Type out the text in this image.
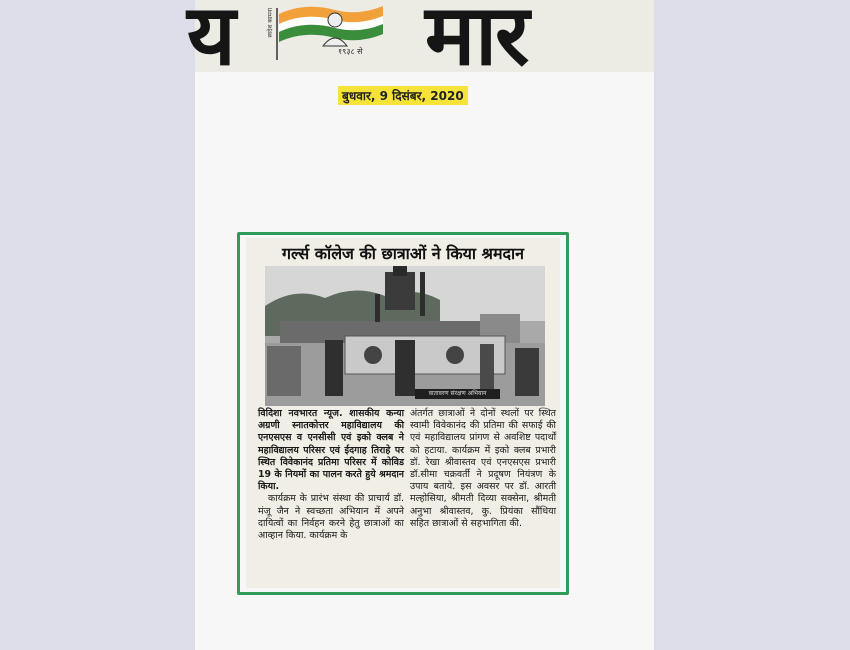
य मार
स्वदेश कामना
१९३८ से
बुधवार, 9 दिसंबर, 2020
गर्ल्स कॉलेज की छात्राओं ने किया श्रमदान
वातावरण संरक्षण अभियान

विदिशा नवभारत न्यूज. शासकीय कन्या अग्रणी स्नातकोत्तर महाविद्यालय की एनएसएस व एनसीसी एवं इको क्लब ने महाविद्यालय परिसर एवं ईदगाह तिराहे पर स्थित विवेकानंद प्रतिमा परिसर में कोविड 19 के नियमों का पालन करते हुये श्रमदान किया.

कार्यक्रम के प्रारंभ संस्था की प्राचार्य डॉ. मंजू जैन ने स्वच्छता अभियान में अपने दायित्वों का निर्वहन करने हेतु छात्राओं का आव्हान किया. कार्यक्रम के

अंतर्गत छात्राओं ने दोनों स्थलों पर स्थित स्वामी विवेकानंद की प्रतिमा की सफाई की एवं महाविद्यालय प्रांगण से अवशिष्ट पदार्थों को हटाया. कार्यक्रम में इको क्लब प्रभारी डॉ. रेखा श्रीवास्तव एवं एनएसएस प्रभारी डॉ.सीमा चक्रवर्ती ने प्रदूषण नियंत्रण के उपाय बताये. इस अवसर पर डॉ. आरती मल्होसिया, श्रीमती दिव्या सक्सेना, श्रीमती अनुभा श्रीवास्तव, कु. प्रियंका सौंधिया सहित छात्राओं से सहभागिता की.
